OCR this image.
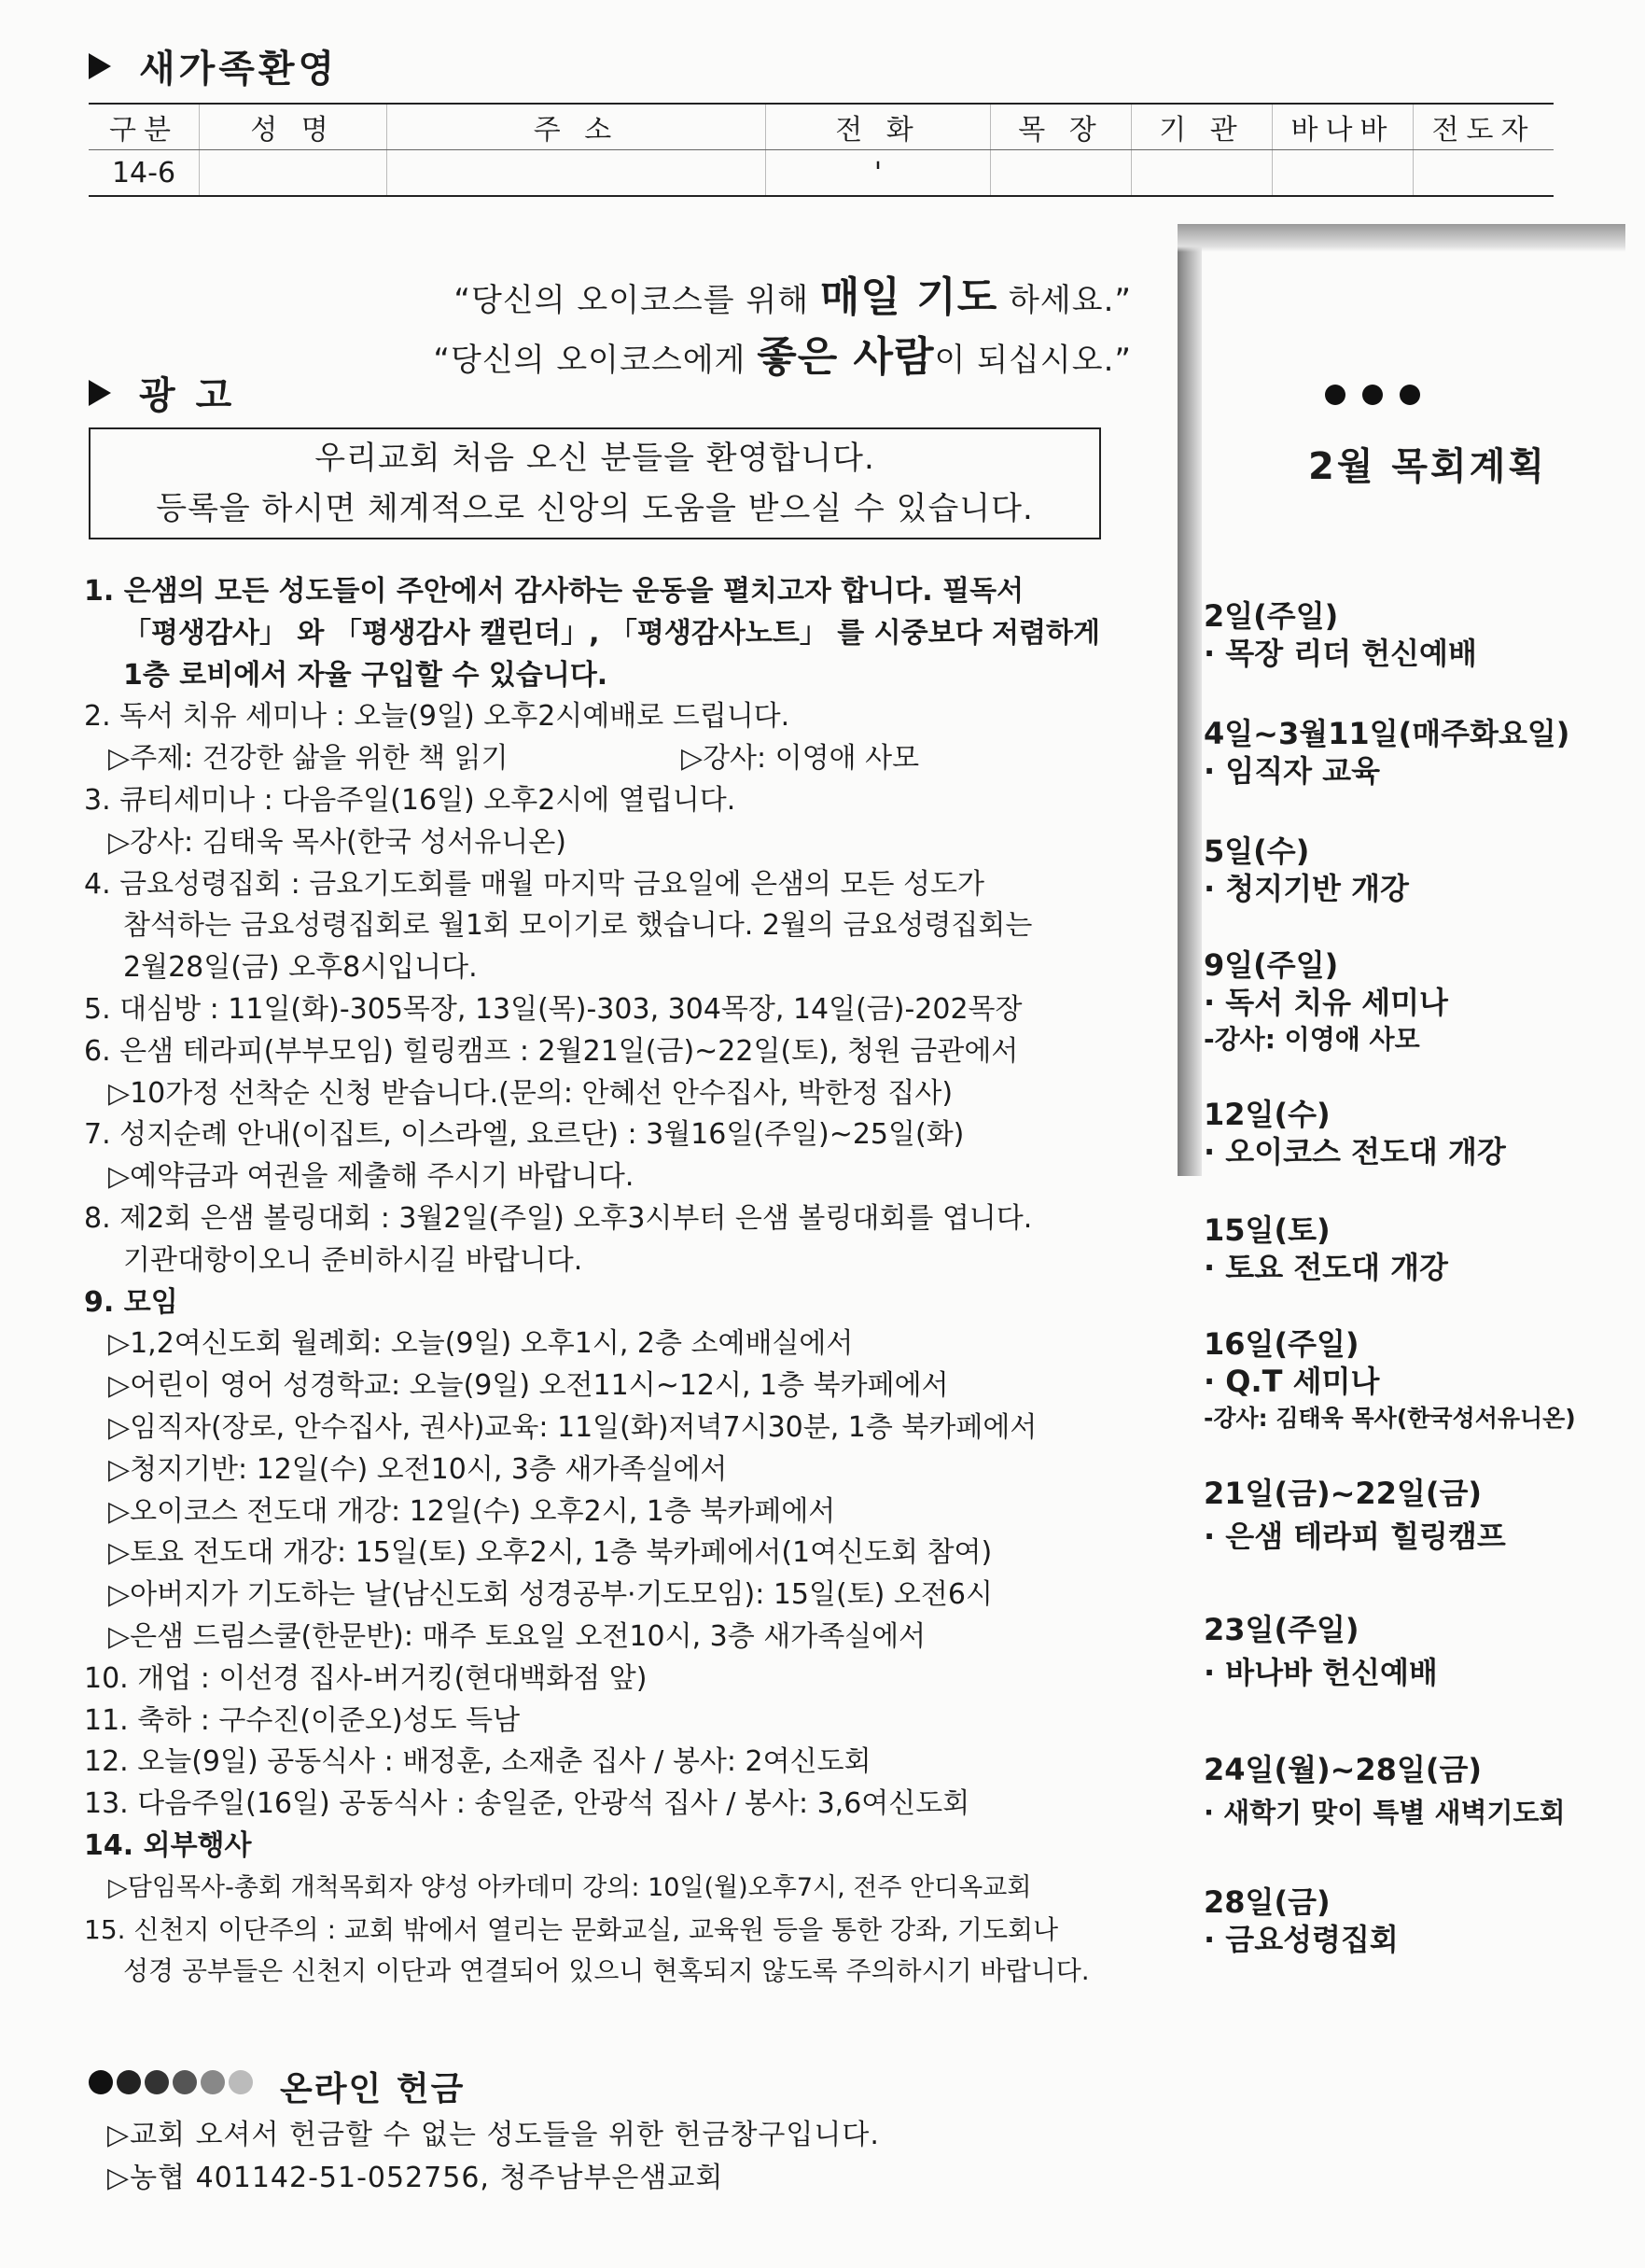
새가족환영
구분	성 명	주 소	전 화	목 장	기 관	바나바	전도자
14-6			'				
“당신의 오이코스를 위해 매일 기도 하세요.”
“당신의 오이코스에게 좋은 사람이 되십시오.”
광 고
우리교회 처음 오신 분들을 환영합니다.
등록을 하시면 체계적으로 신앙의 도움을 받으실 수 있습니다.
1. 은샘의 모든 성도들이 주안에서 감사하는 운동을 펼치고자 합니다. 필독서
「평생감사」 와 「평생감사 캘린더」, 「평생감사노트」 를 시중보다 저렴하게
1층 로비에서 자율 구입할 수 있습니다.
2. 독서 치유 세미나 : 오늘(9일) 오후2시예배로 드립니다.
▷주제: 건강한 삶을 위한 책 읽기	▷강사: 이영애 사모
3. 큐티세미나 : 다음주일(16일) 오후2시에 열립니다.
▷강사: 김태욱 목사(한국 성서유니온)
4. 금요성령집회 : 금요기도회를 매월 마지막 금요일에 은샘의 모든 성도가
참석하는 금요성령집회로 월1회 모이기로 했습니다. 2월의 금요성령집회는
2월28일(금) 오후8시입니다.
5. 대심방 : 11일(화)-305목장, 13일(목)-303, 304목장, 14일(금)-202목장
6. 은샘 테라피(부부모임) 힐링캠프 : 2월21일(금)~22일(토), 청원 금관에서
▷10가정 선착순 신청 받습니다.(문의: 안혜선 안수집사, 박한정 집사)
7. 성지순례 안내(이집트, 이스라엘, 요르단) : 3월16일(주일)~25일(화)
▷예약금과 여권을 제출해 주시기 바랍니다.
8. 제2회 은샘 볼링대회 : 3월2일(주일) 오후3시부터 은샘 볼링대회를 엽니다.
기관대항이오니 준비하시길 바랍니다.
9. 모임
▷1,2여신도회 월례회: 오늘(9일) 오후1시, 2층 소예배실에서
▷어린이 영어 성경학교: 오늘(9일) 오전11시~12시, 1층 북카페에서
▷임직자(장로, 안수집사, 권사)교육: 11일(화)저녁7시30분, 1층 북카페에서
▷청지기반: 12일(수) 오전10시, 3층 새가족실에서
▷오이코스 전도대 개강: 12일(수) 오후2시, 1층 북카페에서
▷토요 전도대 개강: 15일(토) 오후2시, 1층 북카페에서(1여신도회 참여)
▷아버지가 기도하는 날(남신도회 성경공부·기도모임): 15일(토) 오전6시
▷은샘 드림스쿨(한문반): 매주 토요일 오전10시, 3층 새가족실에서
10. 개업 : 이선경 집사-버거킹(현대백화점 앞)
11. 축하 : 구수진(이준오)성도 득남
12. 오늘(9일) 공동식사 : 배정훈, 소재춘 집사 / 봉사: 2여신도회
13. 다음주일(16일) 공동식사 : 송일준, 안광석 집사 / 봉사: 3,6여신도회
14. 외부행사
▷담임목사-총회 개척목회자 양성 아카데미 강의: 10일(월)오후7시, 전주 안디옥교회
15. 신천지 이단주의 : 교회 밖에서 열리는 문화교실, 교육원 등을 통한 강좌, 기도회나
성경 공부들은 신천지 이단과 연결되어 있으니 현혹되지 않도록 주의하시기 바랍니다.
2월 목회계획
2일(주일)
· 목장 리더 헌신예배
4일~3월11일(매주화요일)
· 임직자 교육
5일(수)
· 청지기반 개강
9일(주일)
· 독서 치유 세미나
-강사: 이영애 사모
12일(수)
· 오이코스 전도대 개강
15일(토)
· 토요 전도대 개강
16일(주일)
· Q.T 세미나
-강사: 김태욱 목사(한국성서유니온)
21일(금)~22일(금)
· 은샘 테라피 힐링캠프
23일(주일)
· 바나바 헌신예배
24일(월)~28일(금)
· 새학기 맞이 특별 새벽기도회
28일(금)
· 금요성령집회
온라인 헌금
▷교회 오셔서 헌금할 수 없는 성도들을 위한 헌금창구입니다.
▷농협 401142-51-052756, 청주남부은샘교회
